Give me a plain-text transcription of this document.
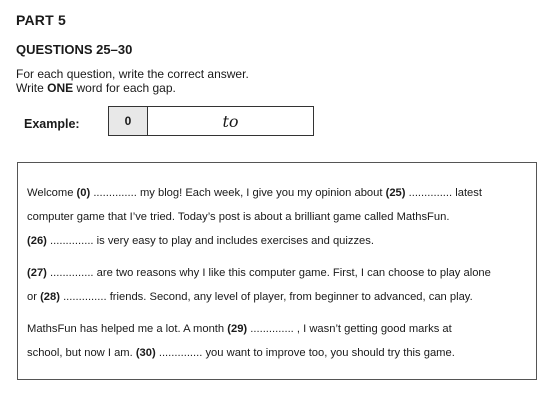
PART 5
QUESTIONS 25–30
For each question, write the correct answer.
Write ONE word for each gap.
Example:	0	to

Welcome (0) .............. my blog! Each week, I give you my opinion about (25) .............. latest

computer game that I’ve tried. Today’s post is about a brilliant game called MathsFun.

(26) .............. is very easy to play and includes exercises and quizzes.

(27) .............. are two reasons why I like this computer game. First, I can choose to play alone

or (28) .............. friends. Second, any level of player, from beginner to advanced, can play.

MathsFun has helped me a lot. A month (29) .............. , I wasn’t getting good marks at

school, but now I am. (30) .............. you want to improve too, you should try this game.
